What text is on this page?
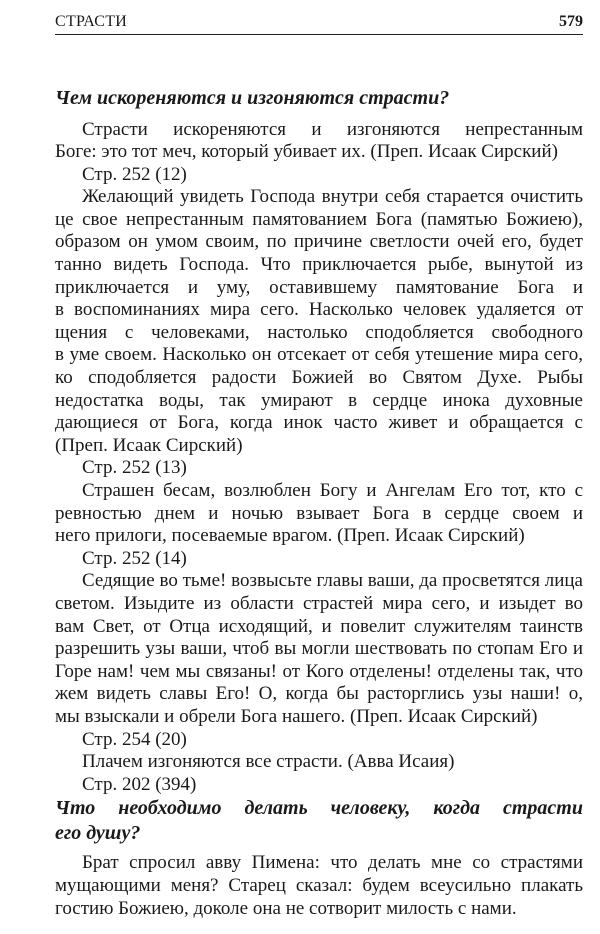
СТРАСТИ	579
Чем искореняются и изгоняются страсти?
Страсти искореняются и изгоняются непрестанным
Боге: это тот меч, который убивает их. (Преп. Исаак Сирский)
Стр. 252 (12)
Желающий увидеть Господа внутри себя старается очистить
це свое непрестанным памятованием Бога (памятью Божиею),
образом он умом своим, по причине светлости очей его, будет
танно видеть Господа. Что приключается рыбе, вынутой из
приключается и уму, оставившему памятование Бога и
в воспоминаниях мира сего. Насколько человек удаляется от
щения с человеками, настолько сподобляется свободного
в уме своем. Насколько он отсекает от себя утешение мира сего,
ко сподобляется радости Божией во Святом Духе. Рыбы
недостатка воды, так умирают в сердце инока духовные
дающиеся от Бога, когда инок часто живет и обращается с
(Преп. Исаак Сирский)
Стр. 252 (13)
Страшен бесам, возлюблен Богу и Ангелам Его тот, кто с
ревностью днем и ночью взывает Бога в сердце своем и
него прилоги, посеваемые врагом. (Преп. Исаак Сирский)
Стр. 252 (14)
Седящие во тьме! возвысьте главы ваши, да просветятся лица
светом. Изыдите из области страстей мира сего, и изыдет во
вам Свет, от Отца исходящий, и повелит служителям таинств
разрешить узы ваши, чтоб вы могли шествовать по стопам Его и
Горе нам! чем мы связаны! от Кого отделены! отделены так, что
жем видеть славы Его! О, когда бы расторглись узы наши! о,
мы взыскали и обрели Бога нашего. (Преп. Исаак Сирский)
Стр. 254 (20)
Плачем изгоняются все страсти. (Авва Исаия)
Стр. 202 (394)
Что необходимо делать человеку, когда страсти
его душу?
Брат спросил авву Пимена: что делать мне со страстями
мущающими меня? Старец сказал: будем всеусильно плакать
гостию Божиею, доколе она не сотворит милость с нами.
